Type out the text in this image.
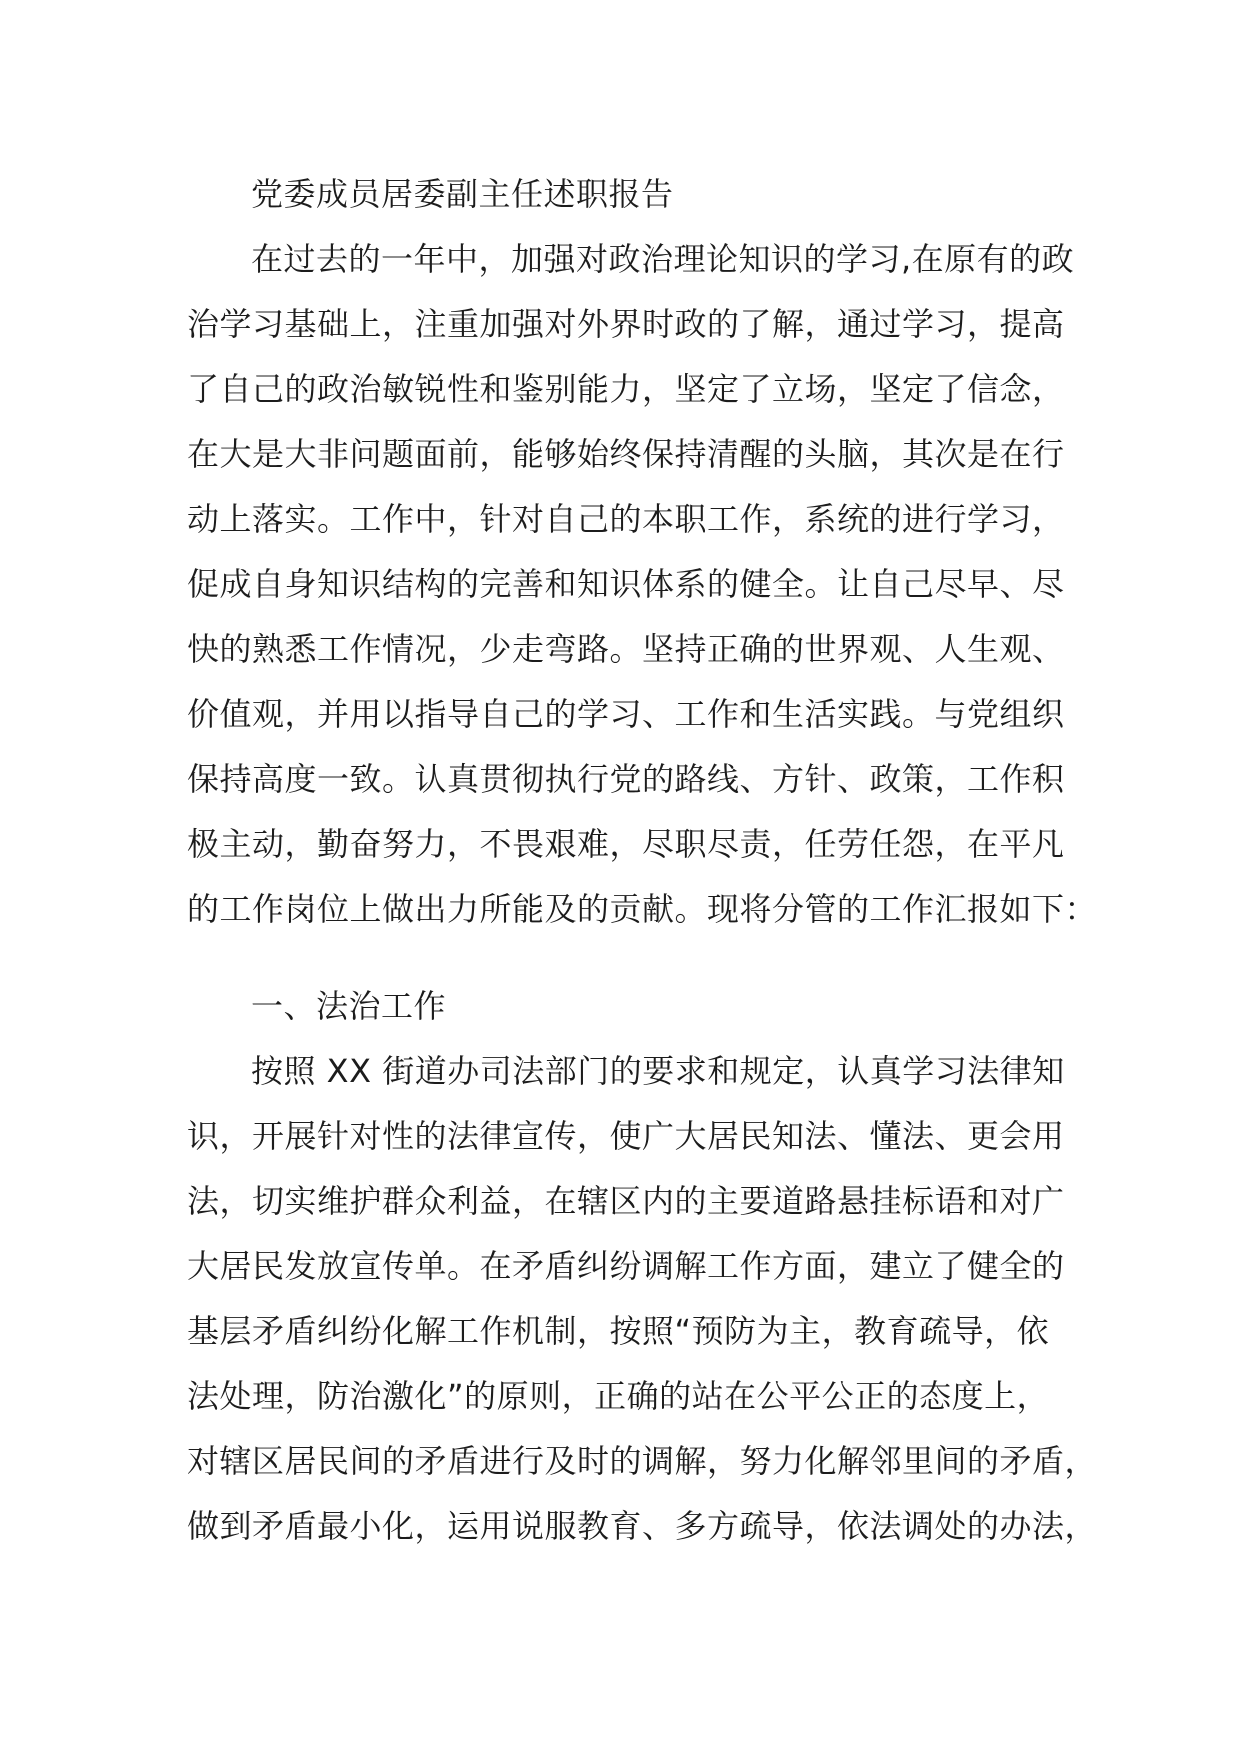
党委成员居委副主任述职报告
在过去的一年中，加强对政治理论知识的学习,在原有的政
治学习基础上，注重加强对外界时政的了解，通过学习，提高
了自己的政治敏锐性和鉴别能力，坚定了立场，坚定了信念，
在大是大非问题面前，能够始终保持清醒的头脑，其次是在行
动上落实。工作中，针对自己的本职工作，系统的进行学习，
促成自身知识结构的完善和知识体系的健全。让自己尽早、尽
快的熟悉工作情况，少走弯路。坚持正确的世界观、人生观、
价值观，并用以指导自己的学习、工作和生活实践。与党组织
保持高度一致。认真贯彻执行党的路线、方针、政策，工作积
极主动，勤奋努力，不畏艰难，尽职尽责，任劳任怨，在平凡
的工作岗位上做出力所能及的贡献。现将分管的工作汇报如下：
一、法治工作
按照 XX 街道办司法部门的要求和规定，认真学习法律知
识，开展针对性的法律宣传，使广大居民知法、懂法、更会用
法，切实维护群众利益，在辖区内的主要道路悬挂标语和对广
大居民发放宣传单。在矛盾纠纷调解工作方面，建立了健全的
基层矛盾纠纷化解工作机制，按照“预防为主，教育疏导，依
法处理，防治激化”的原则，正确的站在公平公正的态度上，
对辖区居民间的矛盾进行及时的调解，努力化解邻里间的矛盾，
做到矛盾最小化，运用说服教育、多方疏导，依法调处的办法，
